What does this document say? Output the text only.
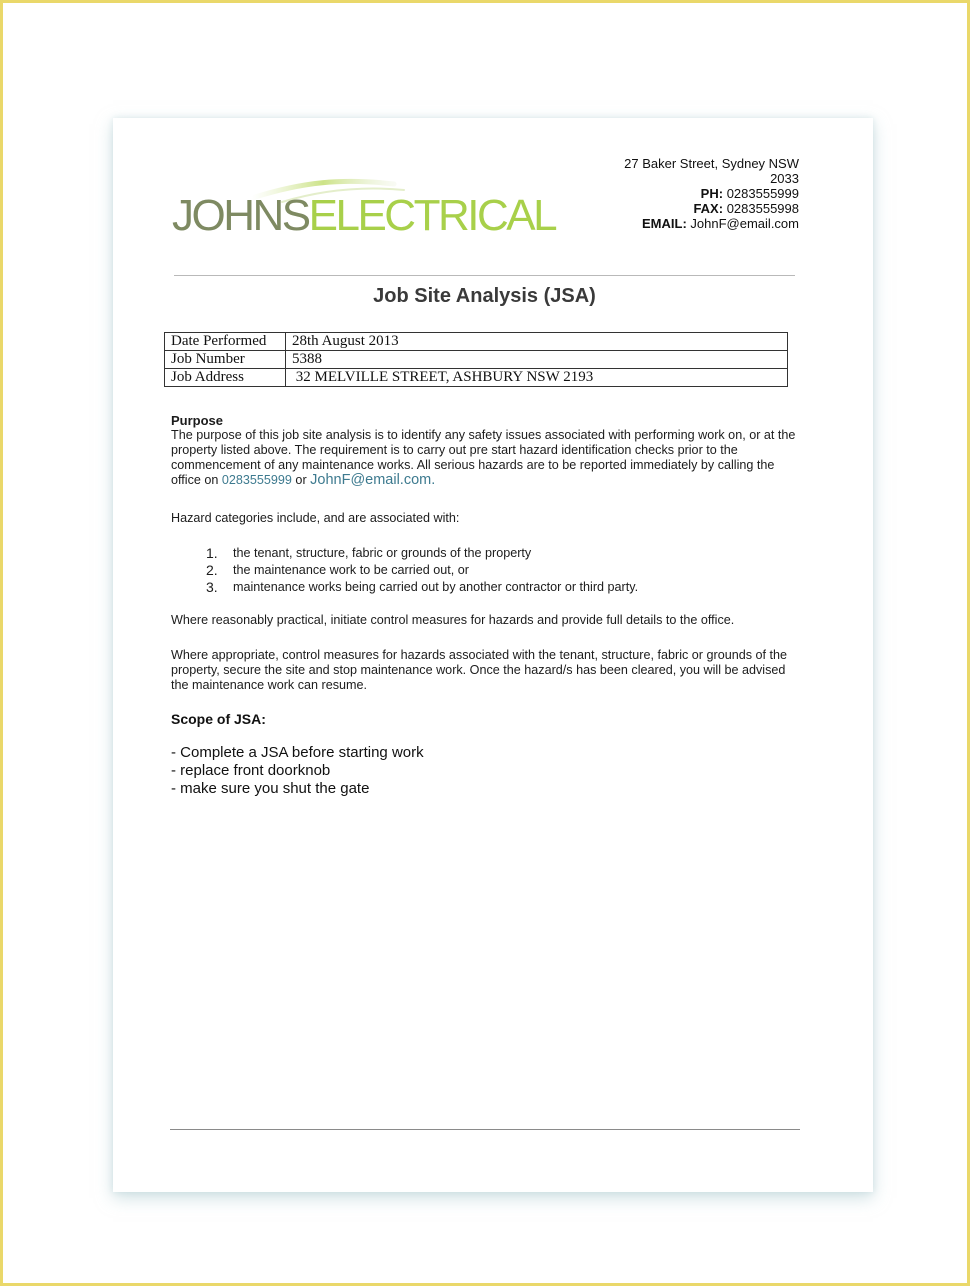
JOHNSELECTRICAL
27 Baker Street, Sydney NSW
2033
PH: 0283555999
FAX: 0283555998
EMAIL: JohnF@email.com
Job Site Analysis (JSA)
Date Performed	28th August 2013
Job Number	5388
Job Address	32 MELVILLE STREET, ASHBURY NSW 2193
Purpose
The purpose of this job site analysis is to identify any safety issues associated with performing work on, or at the property listed above. The requirement is to carry out pre start hazard identification checks prior to the commencement of any maintenance works. All serious hazards are to be reported immediately by calling the office on 0283555999 or JohnF@email.com.
Hazard categories include, and are associated with:
1.	the tenant, structure, fabric or grounds of the property
2.	the maintenance work to be carried out, or
3.	maintenance works being carried out by another contractor or third party.
Where reasonably practical, initiate control measures for hazards and provide full details to the office.
Where appropriate, control measures for hazards associated with the tenant, structure, fabric or grounds of the property, secure the site and stop maintenance work. Once the hazard/s has been cleared, you will be advised the maintenance work can resume.
Scope of JSA:
- Complete a JSA before starting work
- replace front doorknob
- make sure you shut the gate
